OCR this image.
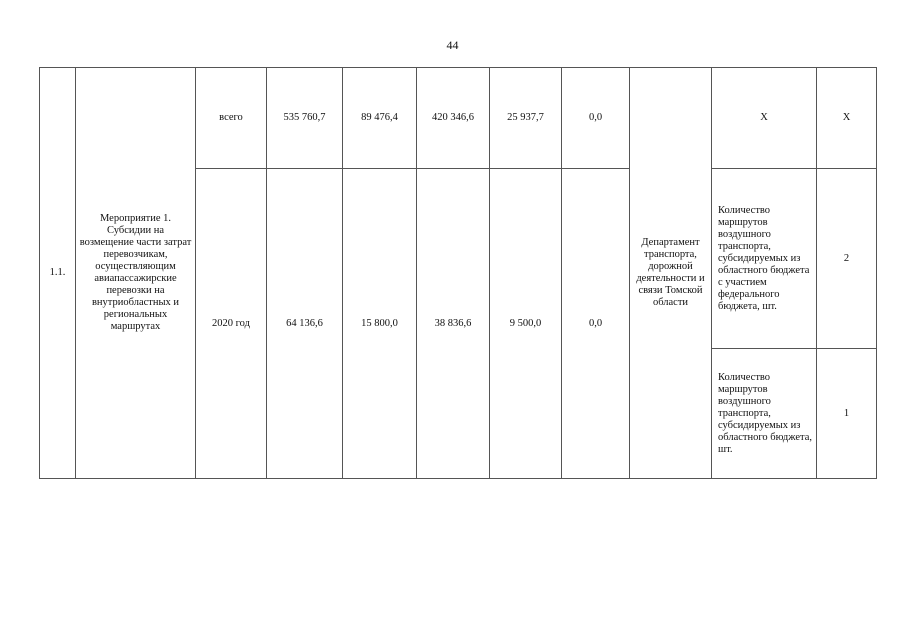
44
1.1.	Мероприятие 1. Субсидии на возмещение части затрат перевозчикам, осуществляющим авиапассажирские перевозки на внутриобластных и региональных маршрутах	всего	535 760,7	89 476,4	420 346,6	25 937,7	0,0	Департамент транспорта, дорожной деятельности и связи Томской области	Х	Х
		2020 год	64 136,6	15 800,0	38 836,6	9 500,0	0,0		Количество маршрутов воздушного транспорта, субсидируемых из областного бюджета с участием федерального бюджета, шт.	2
									Количество маршрутов воздушного транспорта, субсидируемых из областного бюджета, шт.	1
